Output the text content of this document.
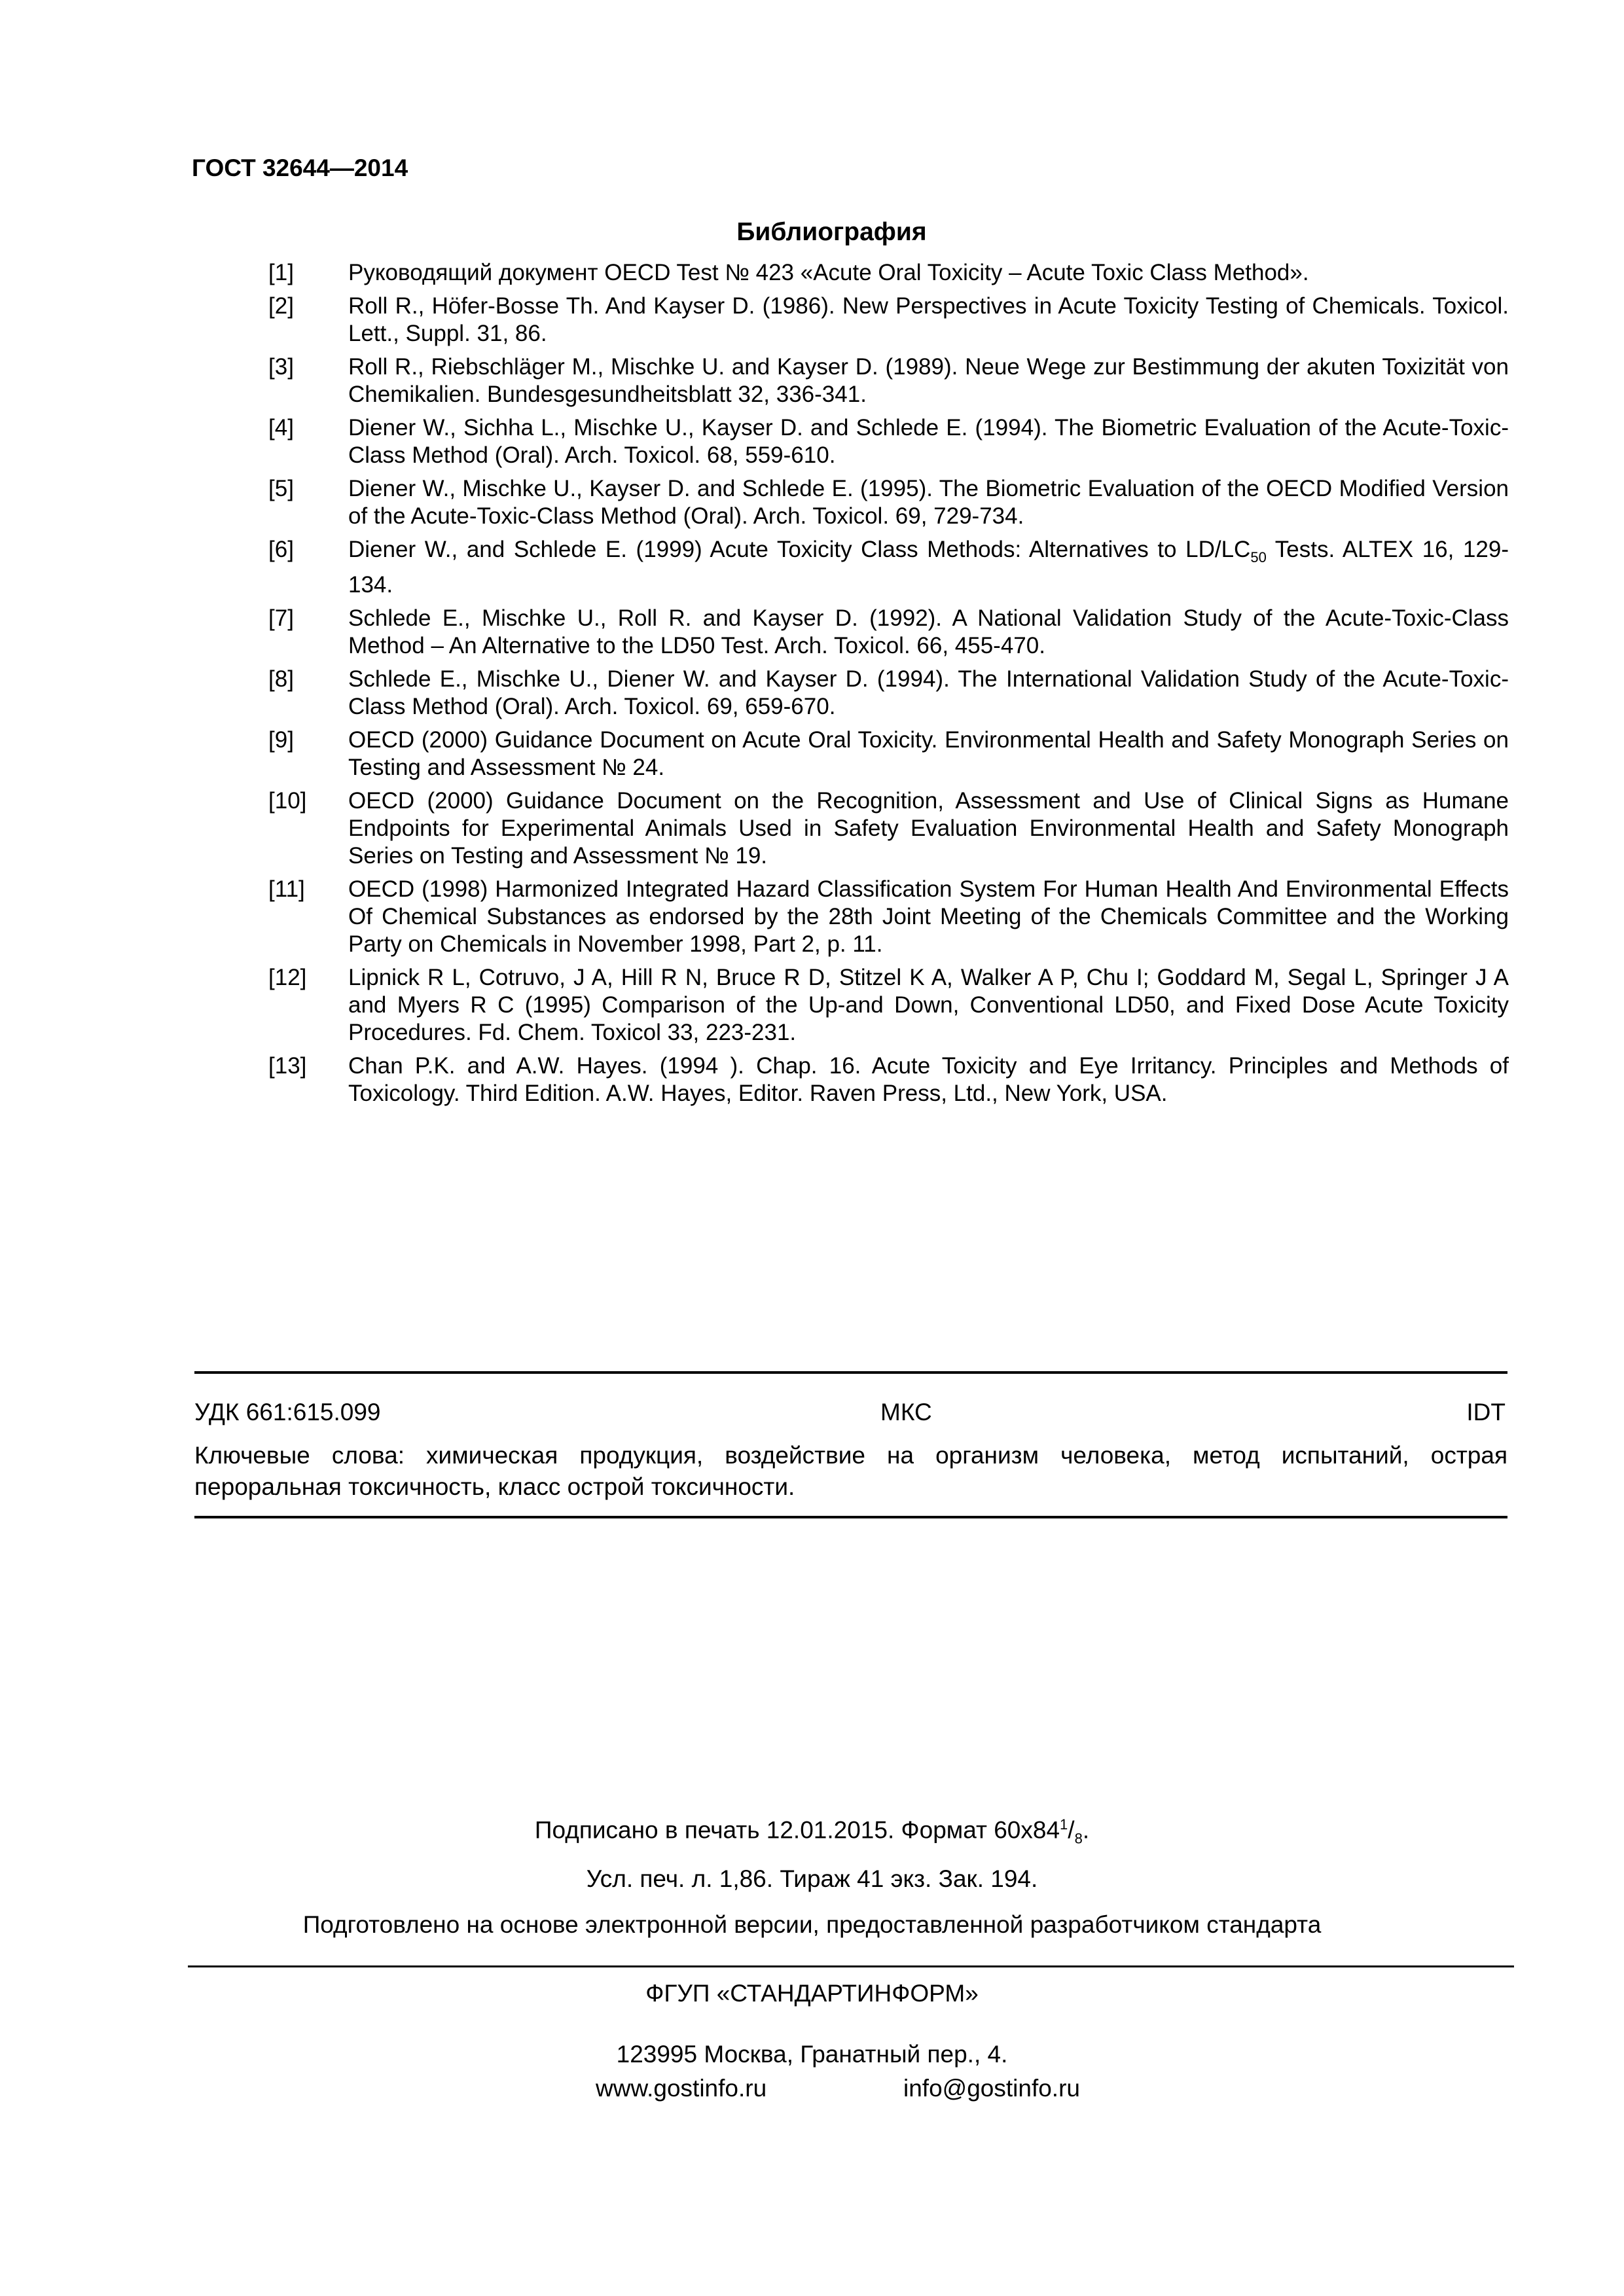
ГОСТ 32644—2014
Библиография
[1]	Руководящий документ OECD Test № 423 «Acute Oral Toxicity – Acute Toxic Class Method».
[2]	Roll R., Höfer-Bosse Th. And Kayser D. (1986). New Perspectives in Acute Toxicity Testing of Chemicals. Toxicol. Lett., Suppl. 31, 86.
[3]	Roll R., Riebschläger M., Mischke U. and Kayser D. (1989). Neue Wege zur Bestimmung der akuten Toxizität von Chemikalien. Bundesgesundheitsblatt 32, 336-341.
[4]	Diener W., Sichha L., Mischke U., Kayser D. and Schlede E. (1994). The Biometric Evaluation of the Acute-Toxic-Class Method (Oral). Arch. Toxicol. 68, 559-610.
[5]	Diener W., Mischke U., Kayser D. and Schlede E. (1995). The Biometric Evaluation of the OECD Modified Version of the Acute-Toxic-Class Method (Oral). Arch. Toxicol. 69, 729-734.
[6]	Diener W., and Schlede E. (1999) Acute Toxicity Class Methods: Alternatives to $LD/LC_{50}$ Tests. ALTEX 16, 129-134.
[7]	Schlede E., Mischke U., Roll R. and Kayser D. (1992). A National Validation Study of the Acute-Toxic-Class Method – An Alternative to the LD50 Test. Arch. Toxicol. 66, 455-470.
[8]	Schlede E., Mischke U., Diener W. and Kayser D. (1994). The International Validation Study of the Acute-Toxic-Class Method (Oral). Arch. Toxicol. 69, 659-670.
[9]	OECD (2000) Guidance Document on Acute Oral Toxicity. Environmental Health and Safety Monograph Series on Testing and Assessment № 24.
[10]	OECD (2000) Guidance Document on the Recognition, Assessment and Use of Clinical Signs as Humane Endpoints for Experimental Animals Used in Safety Evaluation Environmental Health and Safety Monograph Series on Testing and Assessment № 19.
[11]	OECD (1998) Harmonized Integrated Hazard Classification System For Human Health And Environmental Effects Of Chemical Substances as endorsed by the 28th Joint Meeting of the Chemicals Committee and the Working Party on Chemicals in November 1998, Part 2, p. 11.
[12]	Lipnick R L, Cotruvo, J A, Hill R N, Bruce R D, Stitzel K A, Walker A P, Chu I; Goddard M, Segal L, Springer J A and Myers R C (1995) Comparison of the Up-and Down, Conventional LD50, and Fixed Dose Acute Toxicity Procedures. Fd. Chem. Toxicol 33, 223-231.
[13]	Chan P.K. and A.W. Hayes. (1994 ). Chap. 16. Acute Toxicity and Eye Irritancy. Principles and Methods of Toxicology. Third Edition. A.W. Hayes, Editor. Raven Press, Ltd., New York, USA.
УДК 661:615.099	МКС	IDT
Ключевые слова: химическая продукция, воздействие на организм человека, метод испытаний, острая пероральная токсичность, класс острой токсичности.
Подписано в печать 12.01.2015. Формат $60x84^1/_8$.
Усл. печ. л. 1,86. Тираж 41 экз. Зак. 194.
Подготовлено на основе электронной версии, предоставленной разработчиком стандарта
ФГУП «СТАНДАРТИНФОРМ»
123995 Москва, Гранатный пер., 4.
www.gostinfo.ru	info@gostinfo.ru
